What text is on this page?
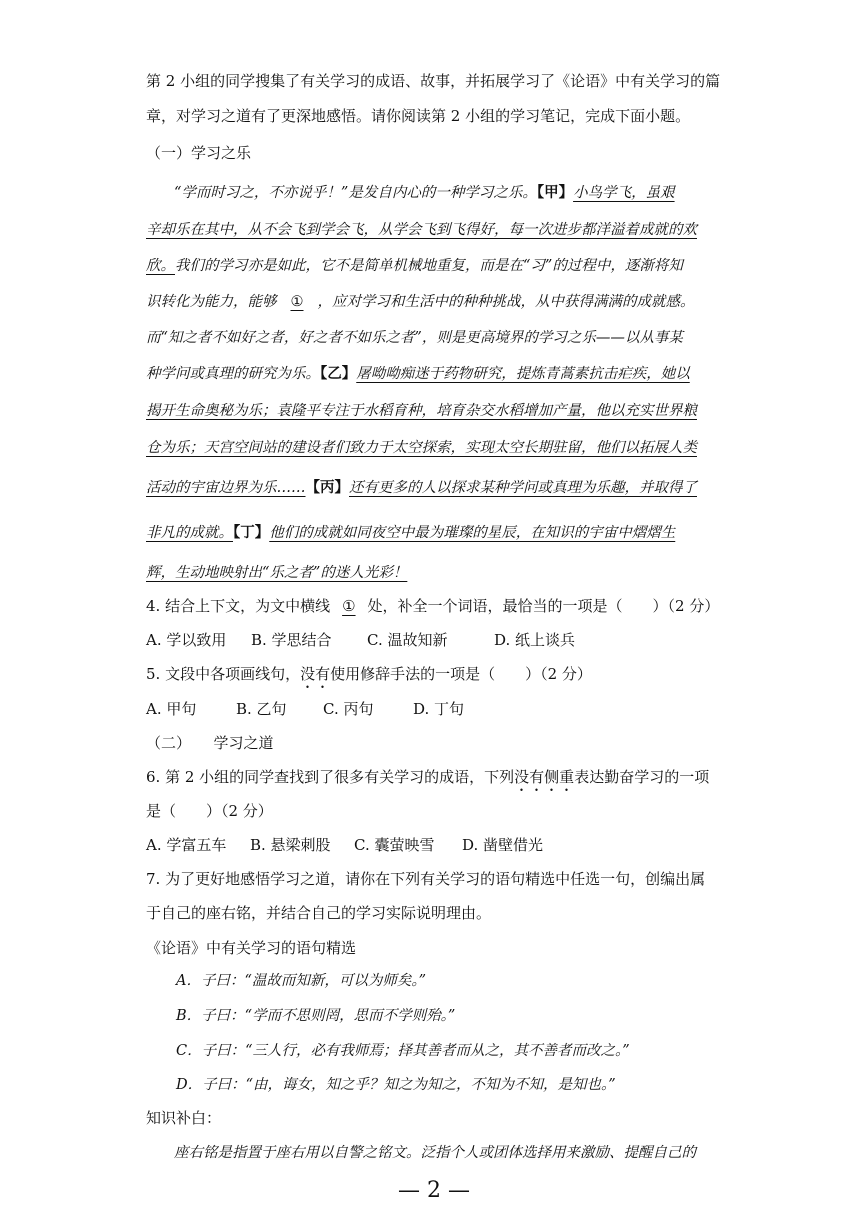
第 2 小组的同学搜集了有关学习的成语、故事，并拓展学习了《论语》中有关学习的篇
章，对学习之道有了更深地感悟。请你阅读第 2 小组的学习笔记，完成下面小题。
（一）学习之乐
“学而时习之，不亦说乎！”是发自内心的一种学习之乐。【甲】小鸟学飞，虽艰
辛却乐在其中，从不会飞到学会飞，从学会飞到飞得好，每一次进步都洋溢着成就的欢
欣。我们的学习亦是如此，它不是简单机械地重复，而是在“习”的过程中，逐渐将知
识转化为能力，能够 ① ，应对学习和生活中的种种挑战，从中获得满满的成就感。
而“知之者不如好之者，好之者不如乐之者”，则是更高境界的学习之乐——以从事某
种学问或真理的研究为乐。【乙】屠呦呦痴迷于药物研究，提炼青蒿素抗击疟疾，她以
揭开生命奥秘为乐；袁隆平专注于水稻育种，培育杂交水稻增加产量，他以充实世界粮
仓为乐；天宫空间站的建设者们致力于太空探索，实现太空长期驻留，他们以拓展人类
活动的宇宙边界为乐……【丙】还有更多的人以探求某种学问或真理为乐趣，并取得了
非凡的成就。【丁】他们的成就如同夜空中最为璀璨的星辰，在知识的宇宙中熠熠生
辉，生动地映射出“乐之者”的迷人光彩！
4. 结合上下文，为文中横线 ① 处，补全一个词语，最恰当的一项是（　　）（2 分）
A. 学以致用 B. 学思结合 C. 温故知新	D. 纸上谈兵
5. 文段中各项画线句，没有使用修辞手法的一项是（　　）（2 分）
A. 甲句	B. 乙句 C. 丙句	D. 丁句
（二）　　学习之道
6. 第 2 小组的同学查找到了很多有关学习的成语，下列没有侧重表达勤奋学习的一项
是（　　）（2 分）
A. 学富五车 B. 悬梁刺股 C. 囊萤映雪 D. 凿壁借光
7. 为了更好地感悟学习之道，请你在下列有关学习的语句精选中任选一句，创编出属
于自己的座右铭，并结合自己的学习实际说明理由。
《论语》中有关学习的语句精选
A．子曰：“温故而知新，可以为师矣。”
B．子曰：“学而不思则罔，思而不学则殆。”
C．子曰：“三人行，必有我师焉；择其善者而从之，其不善者而改之。”
D．子曰：“由，诲女，知之乎？知之为知之，不知为不知，是知也。”
知识补白：
座右铭是指置于座右用以自警之铭文。泛指个人或团体选择用来激励、提醒自己的
— 2 —
